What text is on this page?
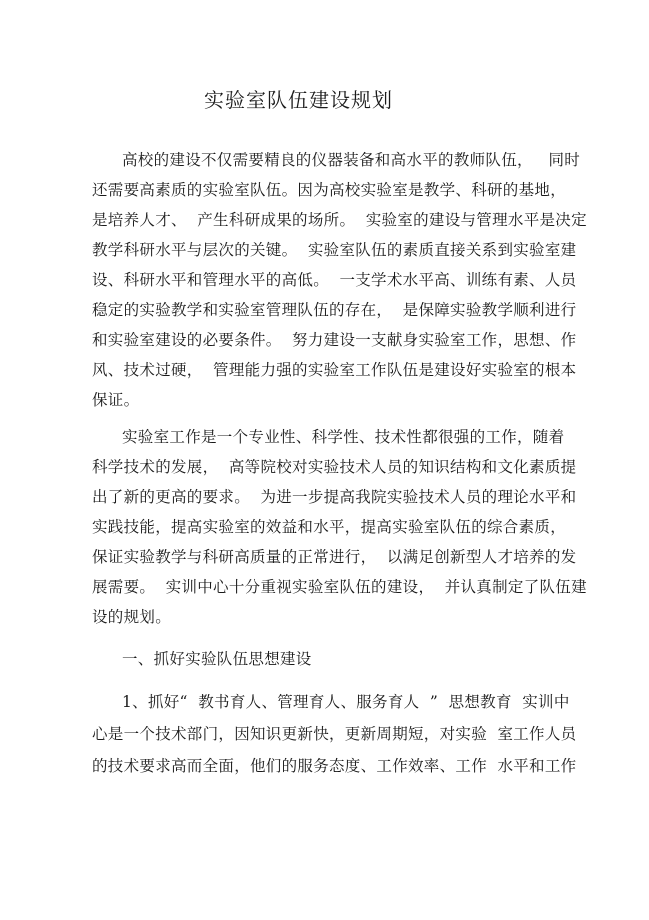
实验室队伍建设规划
高校的建设不仅需要精良的仪器装备和高水平的教师队伍，   同时
还需要高素质的实验室队伍。因为高校实验室是教学、科研的基地，
是培养人才、  产生科研成果的场所。  实验室的建设与管理水平是决定
教学科研水平与层次的关键。  实验室队伍的素质直接关系到实验室建
设、科研水平和管理水平的高低。  一支学术水平高、训练有素、人员
稳定的实验教学和实验室管理队伍的存在，  是保障实验教学顺利进行
和实验室建设的必要条件。  努力建设一支献身实验室工作，思想、作
风、技术过硬，  管理能力强的实验室工作队伍是建设好实验室的根本
保证。
实验室工作是一个专业性、科学性、技术性都很强的工作，随着
科学技术的发展，  高等院校对实验技术人员的知识结构和文化素质提
出了新的更高的要求。  为进一步提高我院实验技术人员的理论水平和
实践技能，提高实验室的效益和水平，提高实验室队伍的综合素质，
保证实验教学与科研高质量的正常进行，  以满足创新型人才培养的发
展需要。  实训中心十分重视实验室队伍的建设，  并认真制定了队伍建
设的规划。
一、抓好实验队伍思想建设
1、抓好“  教书育人、管理育人、服务育人  ”  思想教育  实训中
心是一个技术部门，因知识更新快，更新周期短，对实验  室工作人员
的技术要求高而全面，他们的服务态度、工作效率、工作  水平和工作
